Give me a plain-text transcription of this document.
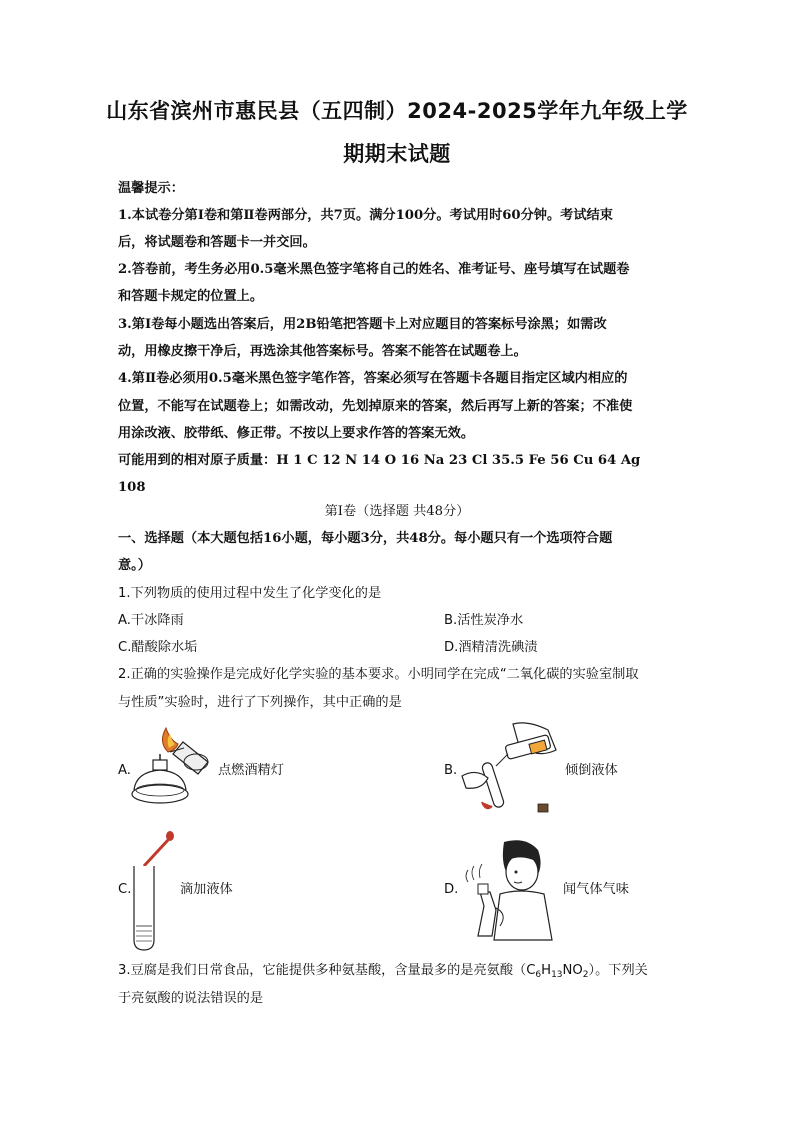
山东省滨州市惠民县（五四制）2024-2025学年九年级上学
期期末试题
温馨提示：
1.本试卷分第Ⅰ卷和第Ⅱ卷两部分，共7页。满分100分。考试用时60分钟。考试结束
后，将试题卷和答题卡一并交回。
2.答卷前，考生务必用0.5毫米黑色签字笔将自己的姓名、准考证号、座号填写在试题卷
和答题卡规定的位置上。
3.第Ⅰ卷每小题选出答案后，用2B铅笔把答题卡上对应题目的答案标号涂黑；如需改
动，用橡皮擦干净后，再选涂其他答案标号。答案不能答在试题卷上。
4.第Ⅱ卷必须用0.5毫米黑色签字笔作答，答案必须写在答题卡各题目指定区域内相应的
位置，不能写在试题卷上；如需改动，先划掉原来的答案，然后再写上新的答案；不准使
用涂改液、胶带纸、修正带。不按以上要求作答的答案无效。
可能用到的相对原子质量：H 1 C 12 N 14 O 16 Na 23 Cl 35.5 Fe 56 Cu 64 Ag
108
第Ⅰ卷（选择题 共48分）
一、选择题（本大题包括16小题，每小题3分，共48分。每小题只有一个选项符合题
意。）
1.下列物质的使用过程中发生了化学变化的是
A.干冰降雨	B.活性炭净水
C.醋酸除水垢	D.酒精清洗碘渍
2.正确的实验操作是完成好化学实验的基本要求。小明同学在完成“二氧化碳的实验室制取
与性质”实验时，进行了下列操作，其中正确的是
A.	点燃酒精灯	B.	倾倒液体
C.	滴加液体	D.	闻气体气味
3.豆腐是我们日常食品，它能提供多种氨基酸，含量最多的是亮氨酸$(C_6H_{13}NO_2)$。下列关
于亮氨酸的说法错误的是
